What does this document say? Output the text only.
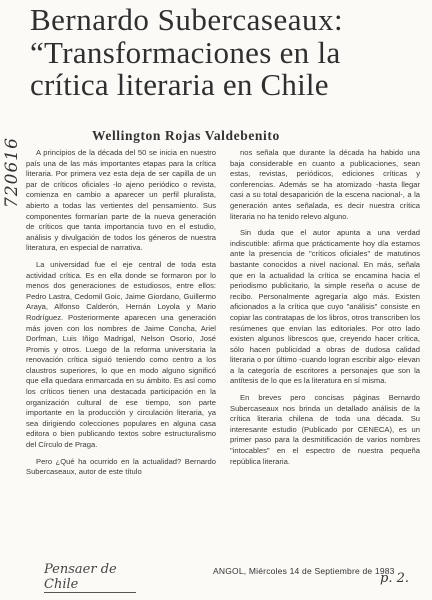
720616
Bernardo Subercaseaux:
“Transformaciones en la
crítica literaria en Chile
Wellington Rojas Valdebenito

A principios de la década del 50 se inicia en nuestro país una de las más importantes etapas para la crítica literaria. Por primera vez esta deja de ser capilla de un par de críticos oficiales -lo ajeno periódico o revista, comienza en cambio a aparecer un perfil pluralista, abierto a todas las vertientes del pensamiento. Sus componentes formarían parte de la nueva generación de críticos que tanta importancia tuvo en el estudio, análisis y divulgación de todos los géneros de nuestra literatura, en especial de narrativa.

La universidad fue el eje central de toda esta actividad crítica. Es en ella donde se formaron por lo menos dos generaciones de estudiosos, entre ellos: Pedro Lastra, Cedomil Goic, Jaime Giordano, Guillermo Araya, Alfonso Calderón, Hernán Loyola y Mario Rodríguez. Posteriormente aparecen una generación más joven con los nombres de Jaime Concha, Ariel Dorfman, Luis Iñigo Madrigal, Nelson Osorio, José Promis y otros. Luego de la reforma universitaria la renovación crítica siguió teniendo como centro a los claustros superiores, lo que en modo alguno significó que ella quedara enmarcada en su ámbito. Es así como los críticos tienen una destacada participación en la organización cultural de ese tiempo, son parte importante en la producción y circulación literaria, ya sea dirigiendo colecciones populares en alguna casa editora o bien publicando textos sobre estructuralismo del Círculo de Praga.

Pero ¿Qué ha ocurrido en la actualidad? Bernardo Subercaseaux, autor de este título

nos señala que durante la década ha habido una baja considerable en cuanto a publicaciones, sean estas, revistas, periódicos, ediciones críticas y conferencias. Además se ha atomizado -hasta llegar casi a su total desaparición de la escena nacional-, a la generación antes señalada, es decir nuestra crítica literaria no ha tenido relevo alguno.

Sin duda que el autor apunta a una verdad indiscutible: afirma que prácticamente hoy día estamos ante la presencia de "críticos oficiales" de matutinos bastante conocidos a nivel nacional. En más, señala que en la actualidad la crítica se encamina hacia el periodismo publicitario, la simple reseña o acuse de recibo. Personalmente agregaría algo más. Existen aficionados a la crítica que cuyo "análisis" consiste en copiar las contratapas de los libros, otros transcriben los resúmenes que envían las editoriales. Por otro lado existen algunos librescos que, creyendo hacer crítica, sólo hacen publicidad a obras de dudosa calidad literaria o por último -cuando logran escribir algo- elevan a la categoría de escritores a personajes que son la antítesis de lo que es la literatura en sí misma.

En breves pero concisas páginas Bernardo Subercaseaux nos brinda un detallado análisis de la crítica literaria chilena de toda una década. Su interesante estudio (Publicado por CENECA), es un primer paso para la desmitificación de varios nombres "intocables" en el espectro de nuestra pequeña república literaria.

Pensaer de Chile
ANGOL, Miércoles 14 de Septiembre de 1983
p. 2.
